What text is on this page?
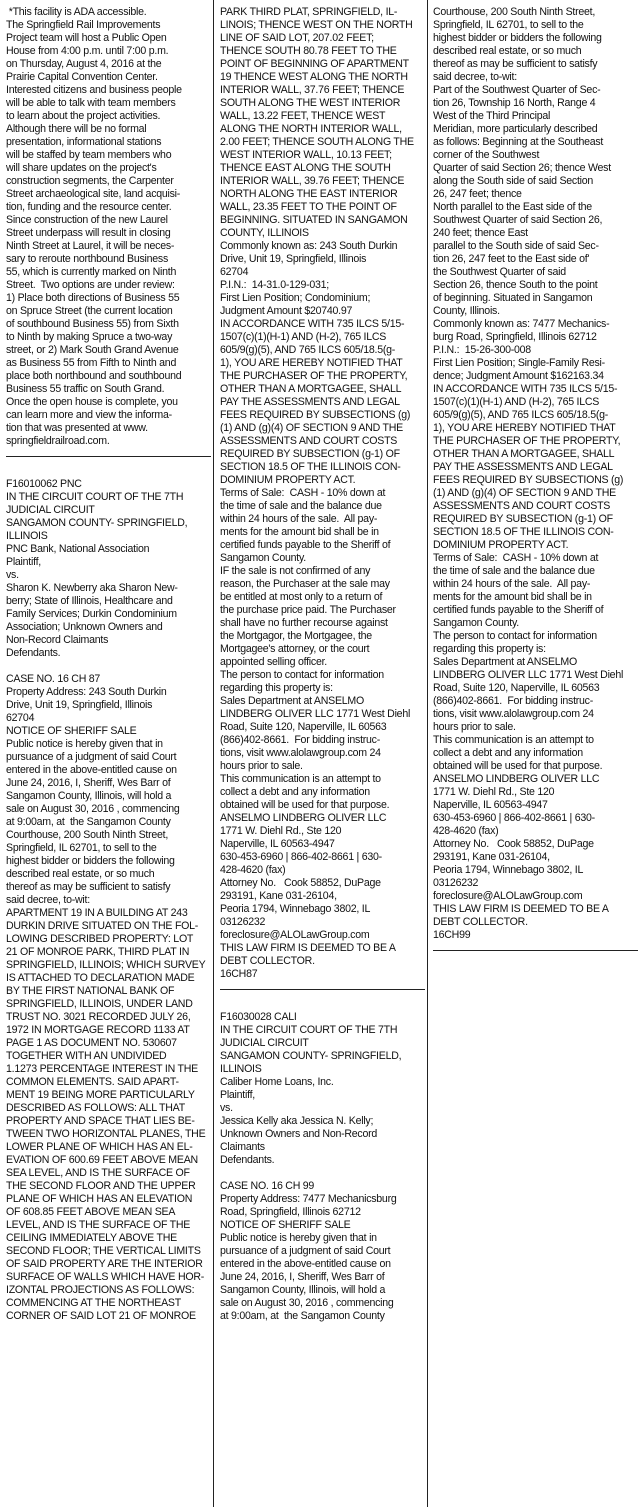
*This facility is ADA accessible.
The Springfield Rail Improvements
Project team will host a Public Open
House from 4:00 p.m. until 7:00 p.m.
on Thursday, August 4, 2016 at the
Prairie Capital Convention Center.
Interested citizens and business people
will be able to talk with team members
to learn about the project activities.
Although there will be no formal
presentation, informational stations
will be staffed by team members who
will share updates on the project's
construction segments, the Carpenter
Street archaeological site, land acquisi-
tion, funding and the resource center.
Since construction of the new Laurel
Street underpass will result in closing
Ninth Street at Laurel, it will be neces-
sary to reroute northbound Business
55, which is currently marked on Ninth
Street.  Two options are under review:
1) Place both directions of Business 55
on Spruce Street (the current location
of southbound Business 55) from Sixth
to Ninth by making Spruce a two-way
street, or 2) Mark South Grand Avenue
as Business 55 from Fifth to Ninth and
place both northbound and southbound
Business 55 traffic on South Grand.
Once the open house is complete, you
can learn more and view the informa-
tion that was presented at www.
springfieldrailroad.com.
F16010062 PNC
IN THE CIRCUIT COURT OF THE 7TH
JUDICIAL CIRCUIT
SANGAMON COUNTY- SPRINGFIELD,
ILLINOIS
PNC Bank, National Association
Plaintiff,
vs.
Sharon K. Newberry aka Sharon New-
berry; State of Illinois, Healthcare and
Family Services; Durkin Condominium
Association; Unknown Owners and
Non-Record Claimants
Defendants.
CASE NO. 16 CH 87
Property Address: 243 South Durkin
Drive, Unit 19, Springfield, Illinois
62704
NOTICE OF SHERIFF SALE
Public notice is hereby given that in
pursuance of a judgment of said Court
entered in the above-entitled cause on
June 24, 2016, I, Sheriff, Wes Barr of
Sangamon County, Illinois, will hold a
sale on August 30, 2016 , commencing
at 9:00am, at  the Sangamon County
Courthouse, 200 South Ninth Street,
Springfield, IL 62701, to sell to the
highest bidder or bidders the following
described real estate, or so much
thereof as may be sufficient to satisfy
said decree, to-wit:
APARTMENT 19 IN A BUILDING AT 243
DURKIN DRIVE SITUATED ON THE FOL-
LOWING DESCRIBED PROPERTY: LOT
21 OF MONROE PARK, THIRD PLAT IN
SPRINGFIELD, ILLINOIS; WHICH SURVEY
IS ATTACHED TO DECLARATION MADE
BY THE FIRST NATIONAL BANK OF
SPRINGFIELD, ILLINOIS, UNDER LAND
TRUST NO. 3021 RECORDED JULY 26,
1972 IN MORTGAGE RECORD 1133 AT
PAGE 1 AS DOCUMENT NO. 530607
TOGETHER WITH AN UNDIVIDED
1.1273 PERCENTAGE INTEREST IN THE
COMMON ELEMENTS. SAID APART-
MENT 19 BEING MORE PARTICULARLY
DESCRIBED AS FOLLOWS: ALL THAT
PROPERTY AND SPACE THAT LIES BE-
TWEEN TWO HORIZONTAL PLANES, THE
LOWER PLANE OF WHICH HAS AN EL-
EVATION OF 600.69 FEET ABOVE MEAN
SEA LEVEL, AND IS THE SURFACE OF
THE SECOND FLOOR AND THE UPPER
PLANE OF WHICH HAS AN ELEVATION
OF 608.85 FEET ABOVE MEAN SEA
LEVEL, AND IS THE SURFACE OF THE
CEILING IMMEDIATELY ABOVE THE
SECOND FLOOR; THE VERTICAL LIMITS
OF SAID PROPERTY ARE THE INTERIOR
SURFACE OF WALLS WHICH HAVE HOR-
IZONTAL PROJECTIONS AS FOLLOWS:
COMMENCING AT THE NORTHEAST
CORNER OF SAID LOT 21 OF MONROE
PARK THIRD PLAT, SPRINGFIELD, IL-
LINOIS; THENCE WEST ON THE NORTH
LINE OF SAID LOT, 207.02 FEET;
THENCE SOUTH 80.78 FEET TO THE
POINT OF BEGINNING OF APARTMENT
19 THENCE WEST ALONG THE NORTH
INTERIOR WALL, 37.76 FEET; THENCE
SOUTH ALONG THE WEST INTERIOR
WALL, 13.22 FEET, THENCE WEST
ALONG THE NORTH INTERIOR WALL,
2.00 FEET; THENCE SOUTH ALONG THE
WEST INTERIOR WALL, 10.13 FEET;
THENCE EAST ALONG THE SOUTH
INTERIOR WALL, 39.76 FEET; THENCE
NORTH ALONG THE EAST INTERIOR
WALL, 23.35 FEET TO THE POINT OF
BEGINNING. SITUATED IN SANGAMON
COUNTY, ILLINOIS
Commonly known as: 243 South Durkin
Drive, Unit 19, Springfield, Illinois
62704
P.I.N.:  14-31.0-129-031;
First Lien Position; Condominium;
Judgment Amount $20740.97
IN ACCORDANCE WITH 735 ILCS 5/15-
1507(c)(1)(H-1) AND (H-2), 765 ILCS
605/9(g)(5), AND 765 ILCS 605/18.5(g-
1), YOU ARE HEREBY NOTIFIED THAT
THE PURCHASER OF THE PROPERTY,
OTHER THAN A MORTGAGEE, SHALL
PAY THE ASSESSMENTS AND LEGAL
FEES REQUIRED BY SUBSECTIONS (g)
(1) AND (g)(4) OF SECTION 9 AND THE
ASSESSMENTS AND COURT COSTS
REQUIRED BY SUBSECTION (g-1) OF
SECTION 18.5 OF THE ILLINOIS CON-
DOMINIUM PROPERTY ACT.
Terms of Sale:  CASH - 10% down at
the time of sale and the balance due
within 24 hours of the sale.  All pay-
ments for the amount bid shall be in
certified funds payable to the Sheriff of
Sangamon County.
IF the sale is not confirmed of any
reason, the Purchaser at the sale may
be entitled at most only to a return of
the purchase price paid. The Purchaser
shall have no further recourse against
the Mortgagor, the Mortgagee, the
Mortgagee's attorney, or the court
appointed selling officer.
The person to contact for information
regarding this property is:
Sales Department at ANSELMO
LINDBERG OLIVER LLC 1771 West Diehl
Road, Suite 120, Naperville, IL 60563
(866)402-8661.  For bidding instruc-
tions, visit www.alolawgroup.com 24
hours prior to sale.
This communication is an attempt to
collect a debt and any information
obtained will be used for that purpose.
ANSELMO LINDBERG OLIVER LLC
1771 W. Diehl Rd., Ste 120
Naperville, IL 60563-4947
630-453-6960 | 866-402-8661 | 630-
428-4620 (fax)
Attorney No.   Cook 58852, DuPage
293191, Kane 031-26104,
Peoria 1794, Winnebago 3802, IL
03126232
foreclosure@ALOLawGroup.com
THIS LAW FIRM IS DEEMED TO BE A
DEBT COLLECTOR.
16CH87
F16030028 CALI
IN THE CIRCUIT COURT OF THE 7TH
JUDICIAL CIRCUIT
SANGAMON COUNTY- SPRINGFIELD,
ILLINOIS
Caliber Home Loans, Inc.
Plaintiff,
vs.
Jessica Kelly aka Jessica N. Kelly;
Unknown Owners and Non-Record
Claimants
Defendants.
CASE NO. 16 CH 99
Property Address: 7477 Mechanicsburg
Road, Springfield, Illinois 62712
NOTICE OF SHERIFF SALE
Public notice is hereby given that in
pursuance of a judgment of said Court
entered in the above-entitled cause on
June 24, 2016, I, Sheriff, Wes Barr of
Sangamon County, Illinois, will hold a
sale on August 30, 2016 , commencing
at 9:00am, at  the Sangamon County
Courthouse, 200 South Ninth Street,
Springfield, IL 62701, to sell to the
highest bidder or bidders the following
described real estate, or so much
thereof as may be sufficient to satisfy
said decree, to-wit:
Part of the Southwest Quarter of Sec-
tion 26, Township 16 North, Range 4
West of the Third Principal
Meridian, more particularly described
as follows: Beginning at the Southeast
corner of the Southwest
Quarter of said Section 26; thence West
along the South side of said Section
26, 247 feet; thence
North parallel to the East side of the
Southwest Quarter of said Section 26,
240 feet; thence East
parallel to the South side of said Sec-
tion 26, 247 feet to the East side of'
the Southwest Quarter of said
Section 26, thence South to the point
of beginning. Situated in Sangamon
County, Illinois.
Commonly known as: 7477 Mechanics-
burg Road, Springfield, Illinois 62712
P.I.N.:  15-26-300-008
First Lien Position; Single-Family Resi-
dence; Judgment Amount $162163.34
IN ACCORDANCE WITH 735 ILCS 5/15-
1507(c)(1)(H-1) AND (H-2), 765 ILCS
605/9(g)(5), AND 765 ILCS 605/18.5(g-
1), YOU ARE HEREBY NOTIFIED THAT
THE PURCHASER OF THE PROPERTY,
OTHER THAN A MORTGAGEE, SHALL
PAY THE ASSESSMENTS AND LEGAL
FEES REQUIRED BY SUBSECTIONS (g)
(1) AND (g)(4) OF SECTION 9 AND THE
ASSESSMENTS AND COURT COSTS
REQUIRED BY SUBSECTION (g-1) OF
SECTION 18.5 OF THE ILLINOIS CON-
DOMINIUM PROPERTY ACT.
Terms of Sale:  CASH - 10% down at
the time of sale and the balance due
within 24 hours of the sale.  All pay-
ments for the amount bid shall be in
certified funds payable to the Sheriff of
Sangamon County.
The person to contact for information
regarding this property is:
Sales Department at ANSELMO
LINDBERG OLIVER LLC 1771 West Diehl
Road, Suite 120, Naperville, IL 60563
(866)402-8661.  For bidding instruc-
tions, visit www.alolawgroup.com 24
hours prior to sale.
This communication is an attempt to
collect a debt and any information
obtained will be used for that purpose.
ANSELMO LINDBERG OLIVER LLC
1771 W. Diehl Rd., Ste 120
Naperville, IL 60563-4947
630-453-6960 | 866-402-8661 | 630-
428-4620 (fax)
Attorney No.   Cook 58852, DuPage
293191, Kane 031-26104,
Peoria 1794, Winnebago 3802, IL
03126232
foreclosure@ALOLawGroup.com
THIS LAW FIRM IS DEEMED TO BE A
DEBT COLLECTOR.
16CH99
